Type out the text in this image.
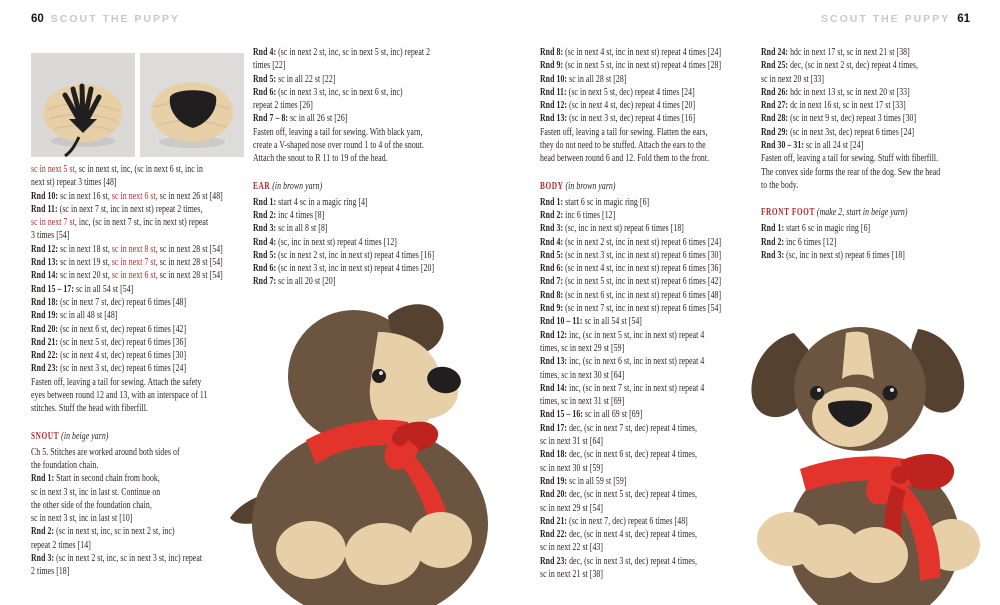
60 SCOUT THE PUPPY	SCOUT THE PUPPY 61
sc in next 5 st, sc in next st, inc, (sc in next 6 st, inc in
next st) repeat 3 times [48]
Rnd 10: sc in next 16 st, sc in next 6 st, sc in next 26 st [48]
Rnd 11: (sc in next 7 st, inc in next st) repeat 2 times,
sc in next 7 st, inc, (sc in next 7 st, inc in next st) repeat
3 times [54]
Rnd 12: sc in next 18 st, sc in next 8 st, sc in next 28 st [54]
Rnd 13: sc in next 19 st, sc in next 7 st, sc in next 28 st [54]
Rnd 14: sc in next 20 st, sc in next 6 st, sc in next 28 st [54]
Rnd 15 – 17: sc in all 54 st [54]
Rnd 18: (sc in next 7 st, dec) repeat 6 times [48]
Rnd 19: sc in all 48 st [48]
Rnd 20: (sc in next 6 st, dec) repeat 6 times [42]
Rnd 21: (sc in next 5 st, dec) repeat 6 times [36]
Rnd 22: (sc in next 4 st, dec) repeat 6 times [30]
Rnd 23: (sc in next 3 st, dec) repeat 6 times [24]
Fasten off, leaving a tail for sewing. Attach the safety
eyes between round 12 and 13, with an interspace of 11
stitches. Stuff the head with fiberfill.
SNOUT (in beige yarn)
Ch 5. Stitches are worked around both sides of
the foundation chain.
Rnd 1: Start in second chain from hook,
sc in next 3 st, inc in last st. Continue on
the other side of the foundation chain,
sc in next 3 st, inc in last st [10]
Rnd 2: (sc in next st, inc, sc in next 2 st, inc)
repeat 2 times [14]
Rnd 3: (sc in next 2 st, inc, sc in next 3 st, inc) repeat
2 times [18]
Rnd 4: (sc in next 2 st, inc, sc in next 5 st, inc) repeat 2
times [22]
Rnd 5: sc in all 22 st [22]
Rnd 6: (sc in next 3 st, inc, sc in next 6 st, inc)
repeat 2 times [26]
Rnd 7 – 8: sc in all 26 st [26]
Fasten off, leaving a tail for sewing. With black yarn,
create a V-shaped nose over round 1 to 4 of the snout.
Attach the snout to R 11 to 19 of the head.
EAR (in brown yarn)
Rnd 1: start 4 sc in a magic ring [4]
Rnd 2: inc 4 times [8]
Rnd 3: sc in all 8 st [8]
Rnd 4: (sc, inc in next st) repeat 4 times [12]
Rnd 5: (sc in next 2 st, inc in next st) repeat 4 times [16]
Rnd 6: (sc in next 3 st, inc in next st) repeat 4 times [20]
Rnd 7: sc in all 20 st [20]
Rnd 8: (sc in next 4 st, inc in next st) repeat 4 times [24]
Rnd 9: (sc in next 5 st, inc in next st) repeat 4 times [28]
Rnd 10: sc in all 28 st [28]
Rnd 11: (sc in next 5 st, dec) repeat 4 times [24]
Rnd 12: (sc in next 4 st, dec) repeat 4 times [20]
Rnd 13: (sc in next 3 st, dec) repeat 4 times [16]
Fasten off, leaving a tail for sewing. Flatten the ears,
they do not need to be stuffed. Attach the ears to the
head between round 6 and 12. Fold them to the front.
BODY (in brown yarn)
Rnd 1: start 6 sc in magic ring [6]
Rnd 2: inc 6 times [12]
Rnd 3: (sc, inc in next st) repeat 6 times [18]
Rnd 4: (sc in next 2 st, inc in next st) repeat 6 times [24]
Rnd 5: (sc in next 3 st, inc in next st) repeat 6 times [30]
Rnd 6: (sc in next 4 st, inc in next st) repeat 6 times [36]
Rnd 7: (sc in next 5 st, inc in next st) repeat 6 times [42]
Rnd 8: (sc in next 6 st, inc in next st) repeat 6 times [48]
Rnd 9: (sc in next 7 st, inc in next st) repeat 6 times [54]
Rnd 10 – 11: sc in all 54 st [54]
Rnd 12: inc, (sc in next 5 st, inc in next st) repeat 4
times, sc in next 29 st [59]
Rnd 13: inc, (sc in next 6 st, inc in next st) repeat 4
times, sc in next 30 st [64]
Rnd 14: inc, (sc in next 7 st, inc in next st) repeat 4
times, sc in next 31 st [69]
Rnd 15 – 16: sc in all 69 st [69]
Rnd 17: dec, (sc in next 7 st, dec) repeat 4 times,
sc in next 31 st [64]
Rnd 18: dec, (sc in next 6 st, dec) repeat 4 times,
sc in next 30 st [59]
Rnd 19: sc in all 59 st [59]
Rnd 20: dec, (sc in next 5 st, dec) repeat 4 times,
sc in next 29 st [54]
Rnd 21: (sc in next 7, dec) repeat 6 times [48]
Rnd 22: dec, (sc in next 4 st, dec) repeat 4 times,
sc in next 22 st [43]
Rnd 23: dec, (sc in next 3 st, dec) repeat 4 times,
sc in next 21 st [38]
Rnd 24: hdc in next 17 st, sc in next 21 st [38]
Rnd 25: dec, (sc in next 2 st, dec) repeat 4 times,
sc in next 20 st [33]
Rnd 26: hdc in next 13 st, sc in next 20 st [33]
Rnd 27: dc in next 16 st, sc in next 17 st [33]
Rnd 28: (sc in next 9 st, dec) repeat 3 times [30]
Rnd 29: (sc in next 3st, dec) repeat 6 times [24]
Rnd 30 – 31: sc in all 24 st [24]
Fasten off, leaving a tail for sewing. Stuff with fiberfill.
The convex side forms the rear of the dog. Sew the head
to the body.
FRONT FOOT (make 2, start in beige yarn)
Rnd 1: start 6 sc in magic ring [6]
Rnd 2: inc 6 times [12]
Rnd 3: (sc, inc in next st) repeat 6 times [18]
